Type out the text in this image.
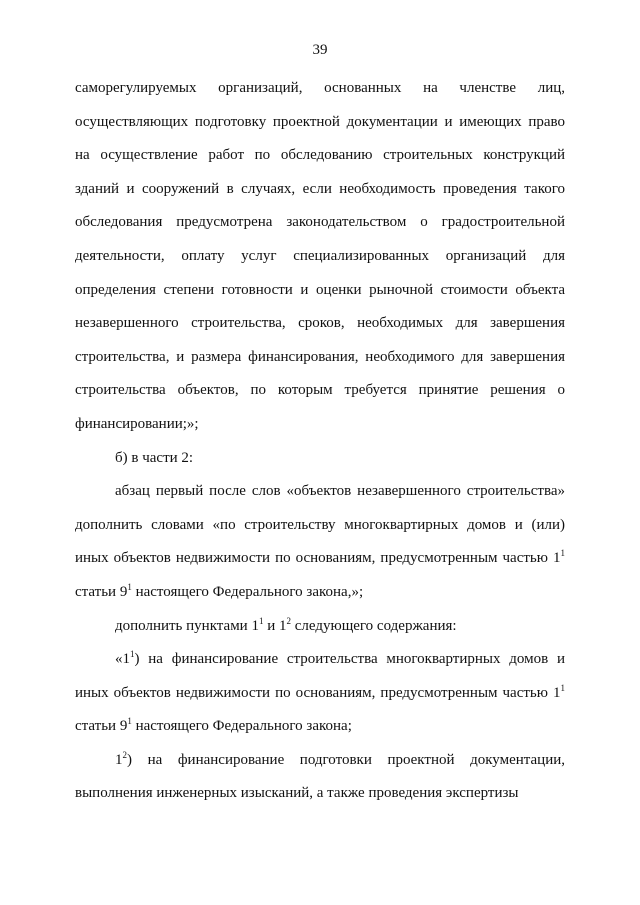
39

саморегулируемых организаций, основанных на членстве лиц, осуществляющих подготовку проектной документации и имеющих право на осуществление работ по обследованию строительных конструкций зданий и сооружений в случаях, если необходимость проведения такого обследования предусмотрена законодательством о градостроительной деятельности, оплату услуг специализированных организаций для определения степени готовности и оценки рыночной стоимости объекта незавершенного строительства, сроков, необходимых для завершения строительства, и размера финансирования, необходимого для завершения строительства объектов, по которым требуется принятие решения о финансировании;»;

б) в части 2:

абзац первый после слов «объектов незавершенного строительства» дополнить словами «по строительству многоквартирных домов и (или) иных объектов недвижимости по основаниям, предусмотренным частью $1^1$ статьи $9^1$ настоящего Федерального закона,»;

дополнить пунктами $1^1$ и $1^2$ следующего содержания:

«$1^1$) на финансирование строительства многоквартирных домов и иных объектов недвижимости по основаниям, предусмотренным частью $1^1$ статьи $9^1$ настоящего Федерального закона;

$1^2$) на финансирование подготовки проектной документации, выполнения инженерных изысканий, а также проведения экспертизы
